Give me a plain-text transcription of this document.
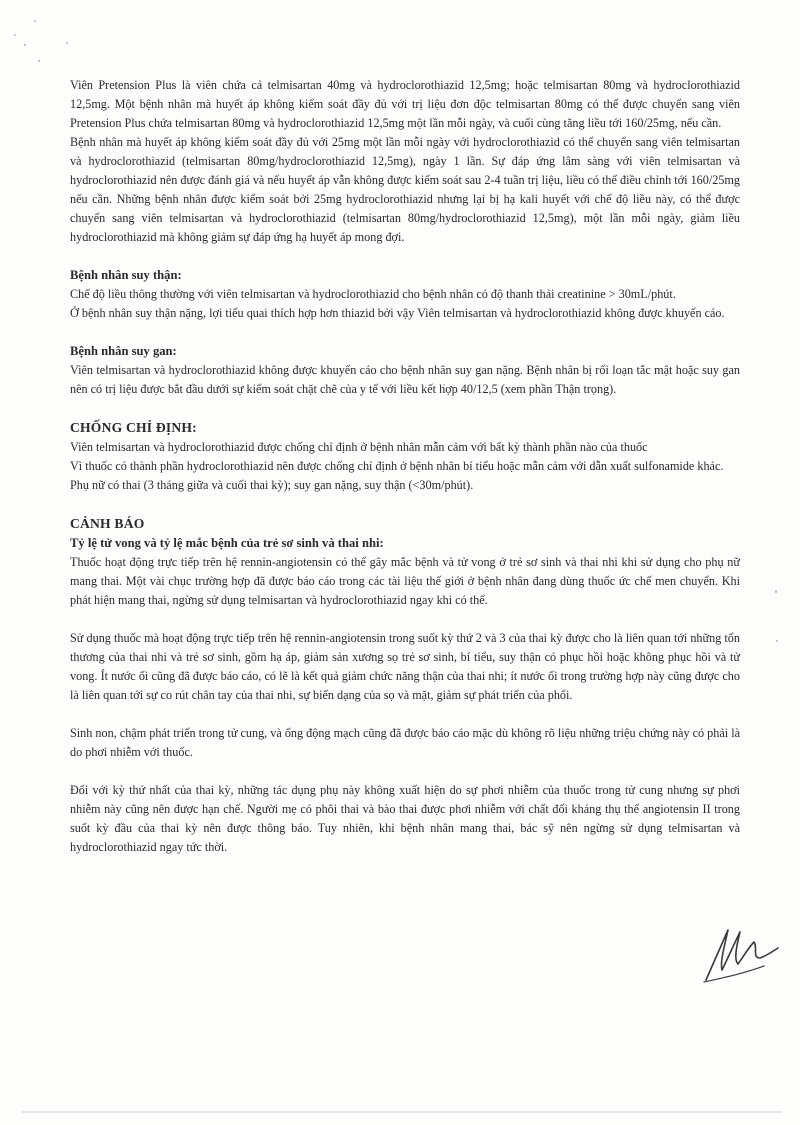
Viên Pretension Plus là viên chứa cả telmisartan 40mg và hydroclorothiazid 12,5mg; hoặc telmisartan 80mg và hydroclorothiazid 12,5mg. Một bệnh nhân mà huyết áp không kiểm soát đầy đủ với trị liệu đơn độc telmisartan 80mg có thể được chuyển sang viên Pretension Plus chứa telmisartan 80mg và hydroclorothiazid 12,5mg một lần mỗi ngày, và cuối cùng tăng liều tới 160/25mg, nếu cần.

Bệnh nhân mà huyết áp không kiểm soát đầy đủ với 25mg một lần mỗi ngày với hydroclorothiazid có thể chuyển sang viên telmisartan và hydroclorothiazid (telmisartan 80mg/hydroclorothiazid 12,5mg), ngày 1 lần. Sự đáp ứng lâm sàng với viên telmisartan và hydroclorothiazid nên được đánh giá và nếu huyết áp vẫn không được kiểm soát sau 2-4 tuần trị liệu, liều có thể điều chỉnh tới 160/25mg nếu cần. Những bệnh nhân được kiểm soát bởi 25mg hydroclorothiazid nhưng lại bị hạ kali huyết với chế độ liều này, có thể được chuyển sang viên telmisartan và hydroclorothiazid (telmisartan 80mg/hydroclorothiazid 12,5mg), một lần mỗi ngày, giảm liều hydroclorothiazid mà không giảm sự đáp ứng hạ huyết áp mong đợi.

Bệnh nhân suy thận:

Chế độ liều thông thường với viên telmisartan và hydroclorothiazid cho bệnh nhân có độ thanh thải creatinine > 30mL/phút.

Ở bệnh nhân suy thận nặng, lợi tiểu quai thích hợp hơn thiazid bởi vậy Viên telmisartan và hydroclorothiazid không được khuyến cáo.

Bệnh nhân suy gan:

Viên telmisartan và hydroclorothiazid không được khuyến cáo cho bệnh nhân suy gan nặng. Bệnh nhân bị rối loạn tắc mật hoặc suy gan nên có trị liệu được bắt đầu dưới sự kiểm soát chặt chẽ của y tế với liều kết hợp 40/12,5 (xem phần Thận trọng).

CHỐNG CHỈ ĐỊNH:

Viên telmisartan và hydroclorothiazid được chống chỉ định ở bệnh nhân mẫn cảm với bất kỳ thành phần nào của thuốc

Vì thuốc có thành phần hydroclorothiazid nên được chống chỉ định ở bệnh nhân bí tiểu hoặc mẫn cảm với dẫn xuất sulfonamide khác.

Phụ nữ có thai (3 tháng giữa và cuối thai kỳ); suy gan nặng, suy thận (<30m/phút).

CẢNH BÁO
Tỷ lệ tử vong và tỷ lệ mắc bệnh của trẻ sơ sinh và thai nhi:

Thuốc hoạt động trực tiếp trên hệ rennin-angiotensin có thể gây mắc bệnh và tử vong ở trẻ sơ sinh và thai nhi khi sử dụng cho phụ nữ mang thai. Một vài chục trường hợp đã được báo cáo trong các tài liệu thế giới ở bệnh nhân đang dùng thuốc ức chế men chuyển. Khi phát hiện mang thai, ngừng sử dụng telmisartan và hydroclorothiazid ngay khi có thể.

Sử dụng thuốc mà hoạt động trực tiếp trên hệ rennin-angiotensin trong suốt kỳ thứ 2 và 3 của thai kỳ được cho là liên quan tới những tổn thương của thai nhi và trẻ sơ sinh, gồm hạ áp, giảm sản xương sọ trẻ sơ sinh, bí tiểu, suy thận có phục hồi hoặc không phục hồi và tử vong. Ít nước ối cũng đã được báo cáo, có lẽ là kết quả giảm chức năng thận của thai nhi; ít nước ối trong trường hợp này cũng được cho là liên quan tới sự co rút chân tay của thai nhi, sự biến dạng của sọ và mặt, giảm sự phát triển của phổi.

Sinh non, chậm phát triển trong tử cung, và ống động mạch cũng đã được báo cáo mặc dù không rõ liệu những triệu chứng này có phải là do phơi nhiễm với thuốc.

Đối với kỳ thứ nhất của thai kỳ, những tác dụng phụ này không xuất hiện do sự phơi nhiễm của thuốc trong tử cung nhưng sự phơi nhiễm này cũng nên được hạn chế. Người mẹ có phôi thai và bào thai được phơi nhiễm với chất đối kháng thụ thể angiotensin II trong suốt kỳ đầu của thai kỳ nên được thông báo. Tuy nhiên, khi bệnh nhân mang thai, bác sỹ nên ngừng sử dụng telmisartan và hydroclorothiazid ngay tức thời.
